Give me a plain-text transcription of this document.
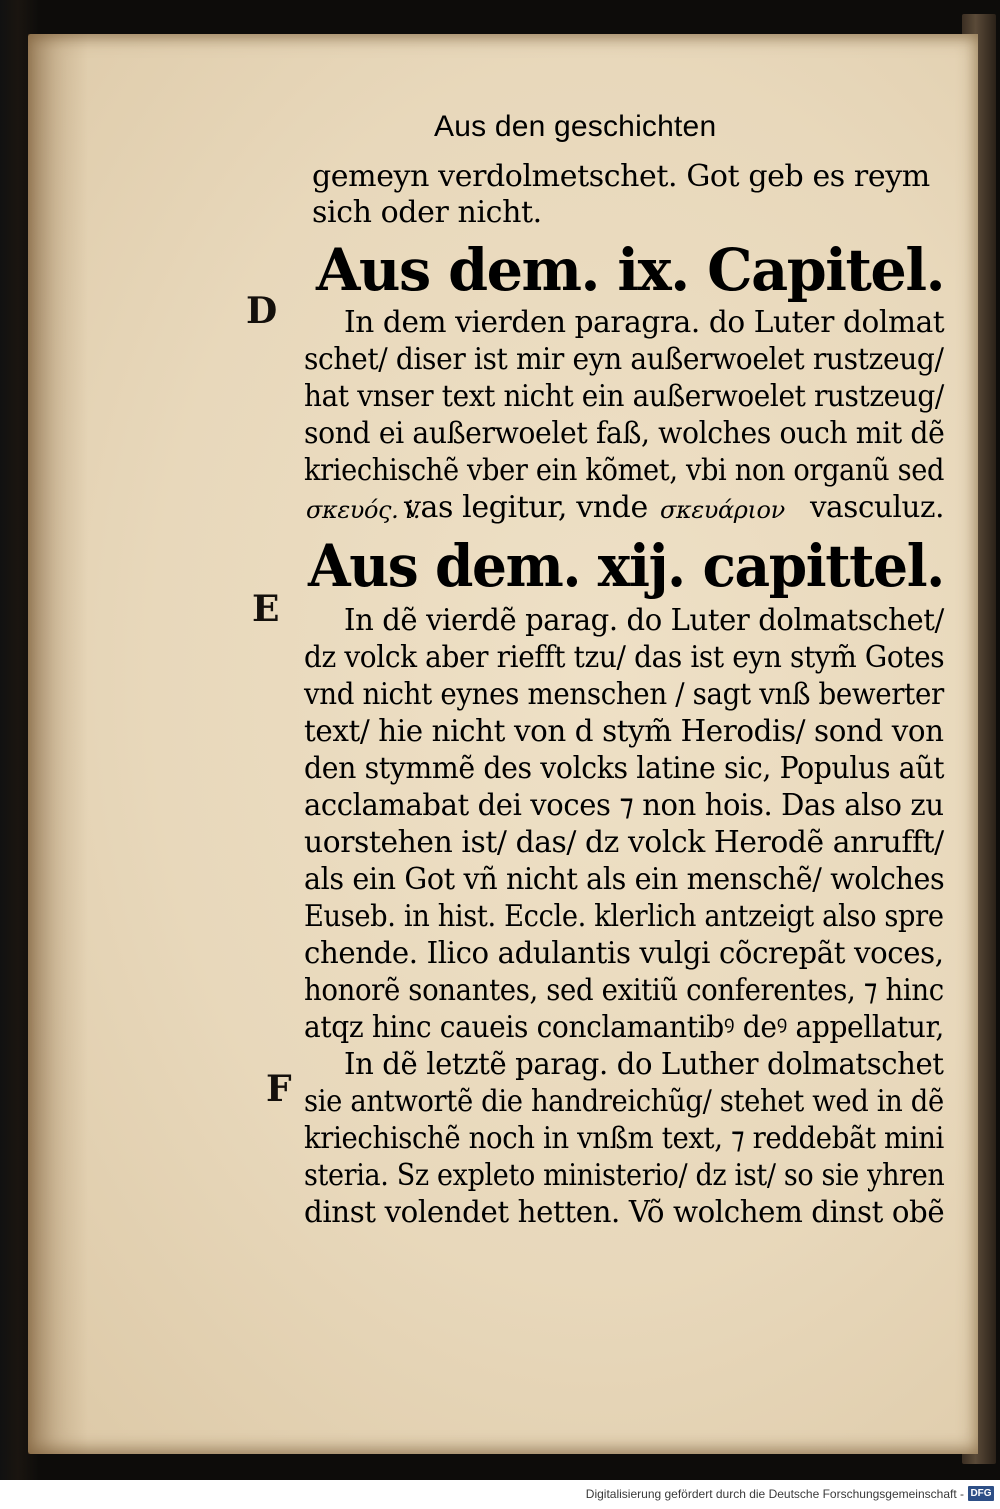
D
E
F
Aus den geschichten
gemeyn verdolmetschet. Got geb es reym
sich oder nicht.
Aus dem. ix. Capitel.
In dem vierden paragra. do Luter dolmat
schet/ diser ist mir eyn außerwoelet rustzeug/
hat vnser text nicht ein außerwoelet rustzeug/
sond ei außerwoelet faß, wolches ouch mit dẽ
kriechischẽ vber ein kõmet, vbi non organũ sed
σκευός. i.
vas legitur, vnde σκευάριον vasculuz.
Aus dem. xij. capittel.
In dẽ vierdẽ parag. do Luter dolmatschet/
dz volck aber riefft tzu/ das ist eyn stym̃ Gotes
vnd nicht eynes menschen / sagt vnß bewerter
text/ hie nicht von d stym̃ Herodis/ sond von
den stymmẽ des volcks latine sic, Populus aũt
acclamabat dei voces ⁊ non hois. Das also zu
uorstehen ist/ das/ dz volck Herodẽ anrufft/
als ein Got vñ nicht als ein menschẽ/ wolches
Euseb. in hist. Eccle. klerlich antzeigt also spre
chende. Ilico adulantis vulgi cõcrepãt voces,
honorẽ sonantes, sed exitiũ conferentes, ⁊ hinc
atqz hinc caueis conclamantibꝰ deꝰ appellatur,
In dẽ letztẽ parag. do Luther dolmatschet
sie antwortẽ die handreichũg/ stehet wed in dẽ
kriechischẽ noch in vnßm text, ⁊ reddebãt mini
steria. Sz expleto ministerio/ dz ist/ so sie yhren
dinst volendet hetten. Võ wolchem dinst obẽ
Digitalisierung gefördert durch die Deutsche Forschungsgemeinschaft - DFG
